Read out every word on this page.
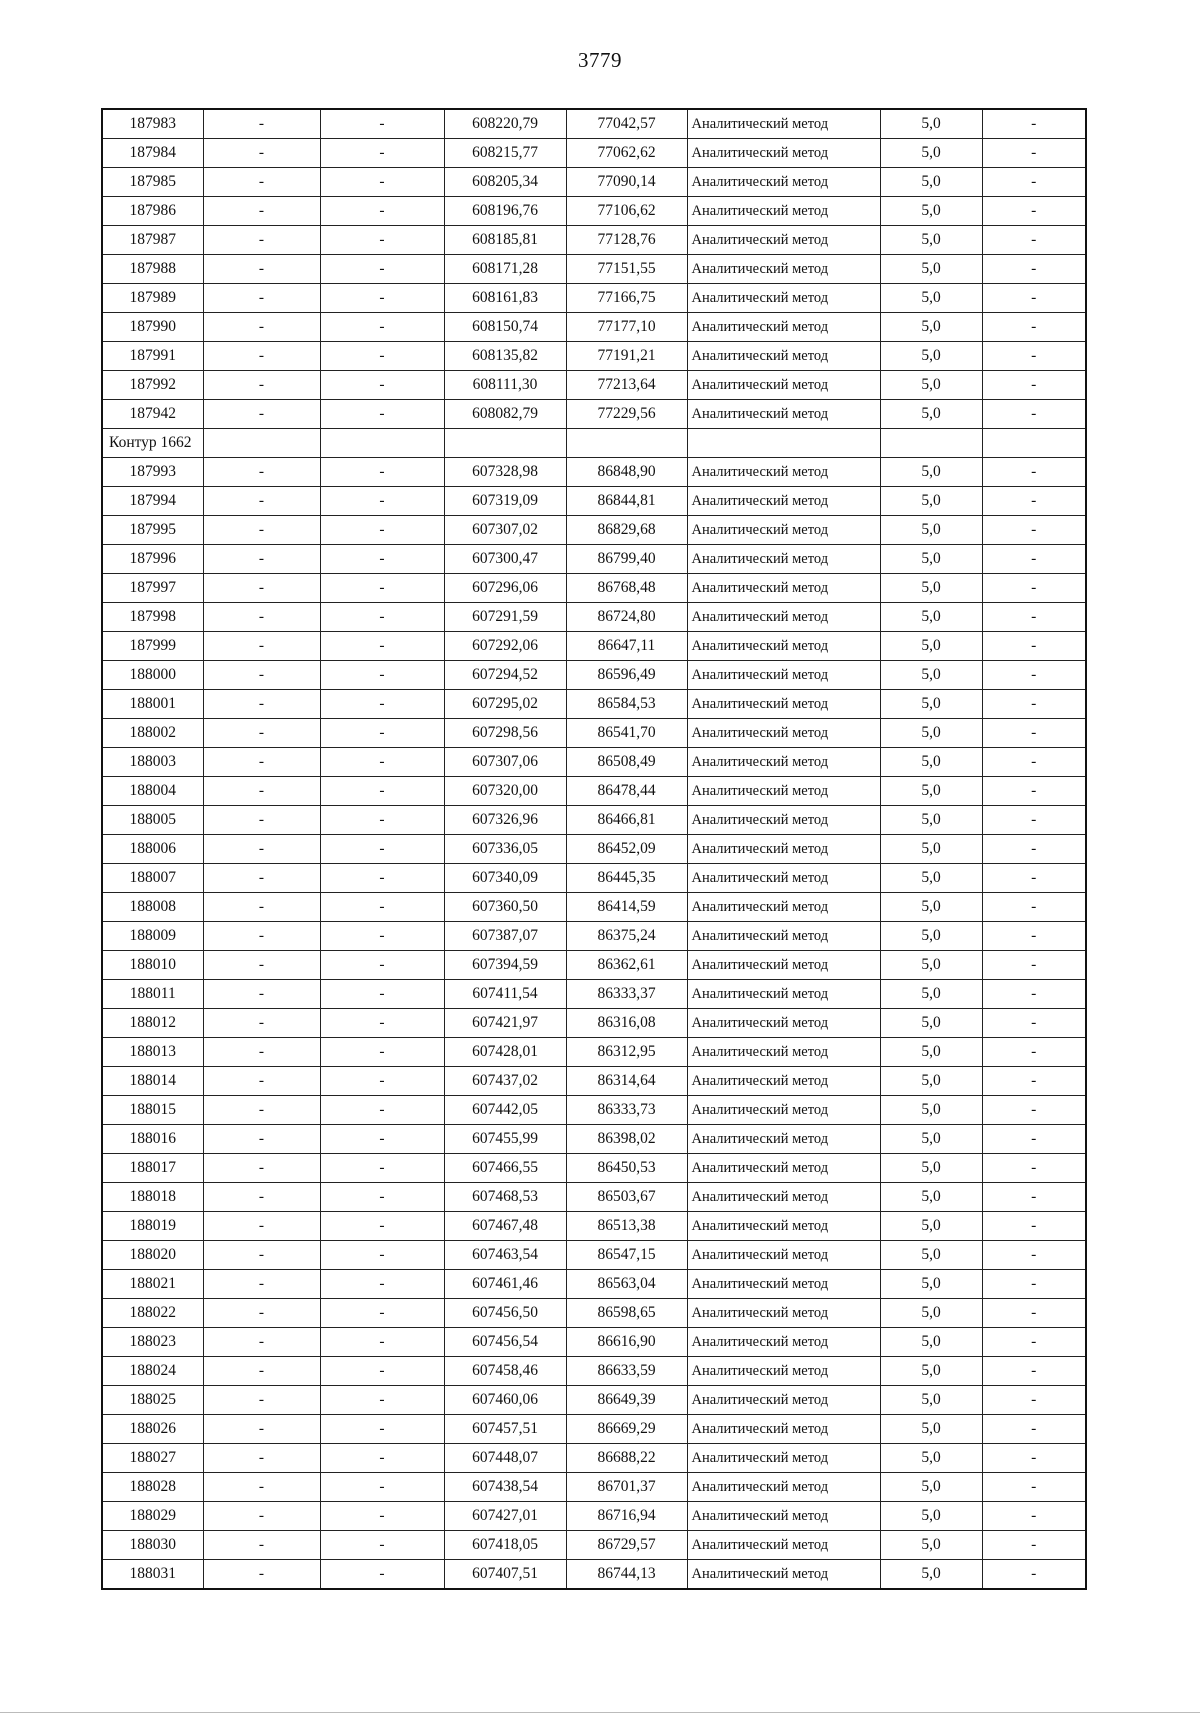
3779
187983	-	-	608220,79	77042,57	Аналитический метод	5,0	-
187984	-	-	608215,77	77062,62	Аналитический метод	5,0	-
187985	-	-	608205,34	77090,14	Аналитический метод	5,0	-
187986	-	-	608196,76	77106,62	Аналитический метод	5,0	-
187987	-	-	608185,81	77128,76	Аналитический метод	5,0	-
187988	-	-	608171,28	77151,55	Аналитический метод	5,0	-
187989	-	-	608161,83	77166,75	Аналитический метод	5,0	-
187990	-	-	608150,74	77177,10	Аналитический метод	5,0	-
187991	-	-	608135,82	77191,21	Аналитический метод	5,0	-
187992	-	-	608111,30	77213,64	Аналитический метод	5,0	-
187942	-	-	608082,79	77229,56	Аналитический метод	5,0	-
Контур 1662							
187993	-	-	607328,98	86848,90	Аналитический метод	5,0	-
187994	-	-	607319,09	86844,81	Аналитический метод	5,0	-
187995	-	-	607307,02	86829,68	Аналитический метод	5,0	-
187996	-	-	607300,47	86799,40	Аналитический метод	5,0	-
187997	-	-	607296,06	86768,48	Аналитический метод	5,0	-
187998	-	-	607291,59	86724,80	Аналитический метод	5,0	-
187999	-	-	607292,06	86647,11	Аналитический метод	5,0	-
188000	-	-	607294,52	86596,49	Аналитический метод	5,0	-
188001	-	-	607295,02	86584,53	Аналитический метод	5,0	-
188002	-	-	607298,56	86541,70	Аналитический метод	5,0	-
188003	-	-	607307,06	86508,49	Аналитический метод	5,0	-
188004	-	-	607320,00	86478,44	Аналитический метод	5,0	-
188005	-	-	607326,96	86466,81	Аналитический метод	5,0	-
188006	-	-	607336,05	86452,09	Аналитический метод	5,0	-
188007	-	-	607340,09	86445,35	Аналитический метод	5,0	-
188008	-	-	607360,50	86414,59	Аналитический метод	5,0	-
188009	-	-	607387,07	86375,24	Аналитический метод	5,0	-
188010	-	-	607394,59	86362,61	Аналитический метод	5,0	-
188011	-	-	607411,54	86333,37	Аналитический метод	5,0	-
188012	-	-	607421,97	86316,08	Аналитический метод	5,0	-
188013	-	-	607428,01	86312,95	Аналитический метод	5,0	-
188014	-	-	607437,02	86314,64	Аналитический метод	5,0	-
188015	-	-	607442,05	86333,73	Аналитический метод	5,0	-
188016	-	-	607455,99	86398,02	Аналитический метод	5,0	-
188017	-	-	607466,55	86450,53	Аналитический метод	5,0	-
188018	-	-	607468,53	86503,67	Аналитический метод	5,0	-
188019	-	-	607467,48	86513,38	Аналитический метод	5,0	-
188020	-	-	607463,54	86547,15	Аналитический метод	5,0	-
188021	-	-	607461,46	86563,04	Аналитический метод	5,0	-
188022	-	-	607456,50	86598,65	Аналитический метод	5,0	-
188023	-	-	607456,54	86616,90	Аналитический метод	5,0	-
188024	-	-	607458,46	86633,59	Аналитический метод	5,0	-
188025	-	-	607460,06	86649,39	Аналитический метод	5,0	-
188026	-	-	607457,51	86669,29	Аналитический метод	5,0	-
188027	-	-	607448,07	86688,22	Аналитический метод	5,0	-
188028	-	-	607438,54	86701,37	Аналитический метод	5,0	-
188029	-	-	607427,01	86716,94	Аналитический метод	5,0	-
188030	-	-	607418,05	86729,57	Аналитический метод	5,0	-
188031	-	-	607407,51	86744,13	Аналитический метод	5,0	-
